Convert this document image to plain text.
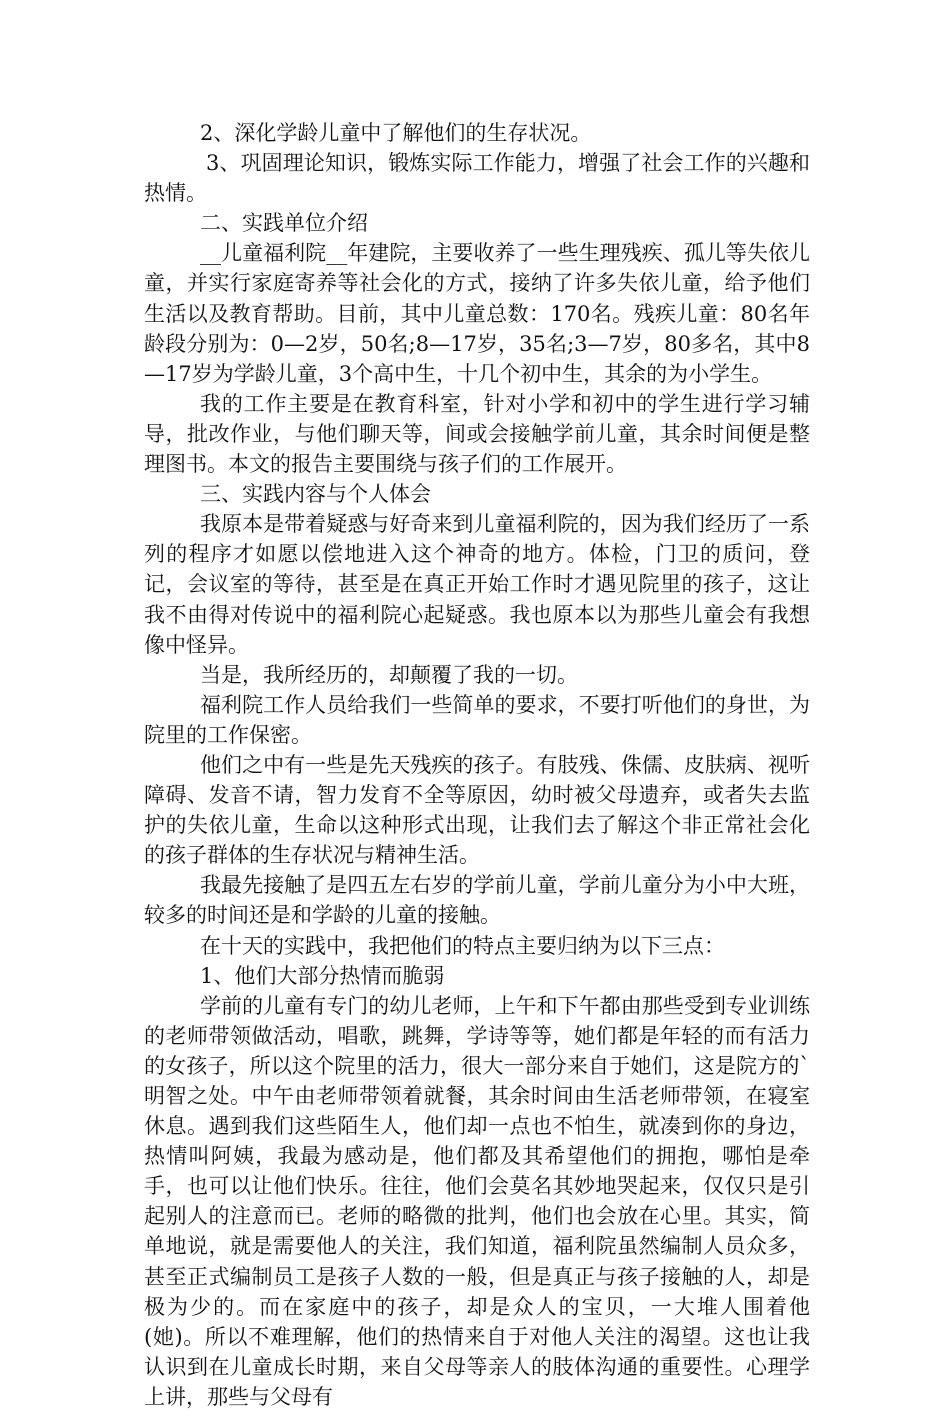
2、深化学龄儿童中了解他们的生存状况。

3、巩固理论知识，锻炼实际工作能力，增强了社会工作的兴趣和热情。

二、实践单位介绍

__儿童福利院__年建院，主要收养了一些生理残疾、孤儿等失依儿童，并实行家庭寄养等社会化的方式，接纳了许多失依儿童，给予他们生活以及教育帮助。目前，其中儿童总数：170名。残疾儿童：80名年龄段分别为：0—2岁，50名;8—17岁，35名;3—7岁，80多名，其中8—17岁为学龄儿童，3个高中生，十几个初中生，其余的为小学生。

我的工作主要是在教育科室，针对小学和初中的学生进行学习辅导，批改作业，与他们聊天等，间或会接触学前儿童，其余时间便是整理图书。本文的报告主要围绕与孩子们的工作展开。

三、实践内容与个人体会

我原本是带着疑惑与好奇来到儿童福利院的，因为我们经历了一系列的程序才如愿以偿地进入这个神奇的地方。体检，门卫的质问，登记，会议室的等待，甚至是在真正开始工作时才遇见院里的孩子，这让我不由得对传说中的福利院心起疑惑。我也原本以为那些儿童会有我想像中怪异。

当是，我所经历的，却颠覆了我的一切。

福利院工作人员给我们一些简单的要求，不要打听他们的身世，为院里的工作保密。

他们之中有一些是先天残疾的孩子。有肢残、侏儒、皮肤病、视听障碍、发音不请，智力发育不全等原因，幼时被父母遗弃，或者失去监护的失依儿童，生命以这种形式出现，让我们去了解这个非正常社会化的孩子群体的生存状况与精神生活。

我最先接触了是四五左右岁的学前儿童，学前儿童分为小中大班，较多的时间还是和学龄的儿童的接触。

在十天的实践中，我把他们的特点主要归纳为以下三点：

1、他们大部分热情而脆弱

学前的儿童有专门的幼儿老师，上午和下午都由那些受到专业训练的老师带领做活动，唱歌，跳舞，学诗等等，她们都是年轻的而有活力的女孩子，所以这个院里的活力，很大一部分来自于她们，这是院方的`明智之处。中午由老师带领着就餐，其余时间由生活老师带领，在寝室休息。遇到我们这些陌生人，他们却一点也不怕生，就凑到你的身边，热情叫阿姨，我最为感动是，他们都及其希望他们的拥抱，哪怕是牵手，也可以让他们快乐。往往，他们会莫名其妙地哭起来，仅仅只是引起别人的注意而已。老师的略微的批判，他们也会放在心里。其实，简单地说，就是需要他人的关注，我们知道，福利院虽然编制人员众多，甚至正式编制员工是孩子人数的一般，但是真正与孩子接触的人，却是极为少的。而在家庭中的孩子，却是众人的宝贝，一大堆人围着他(她)。所以不难理解，他们的热情来自于对他人关注的渴望。这也让我认识到在儿童成长时期，来自父母等亲人的肢体沟通的重要性。心理学上讲，那些与父母有
